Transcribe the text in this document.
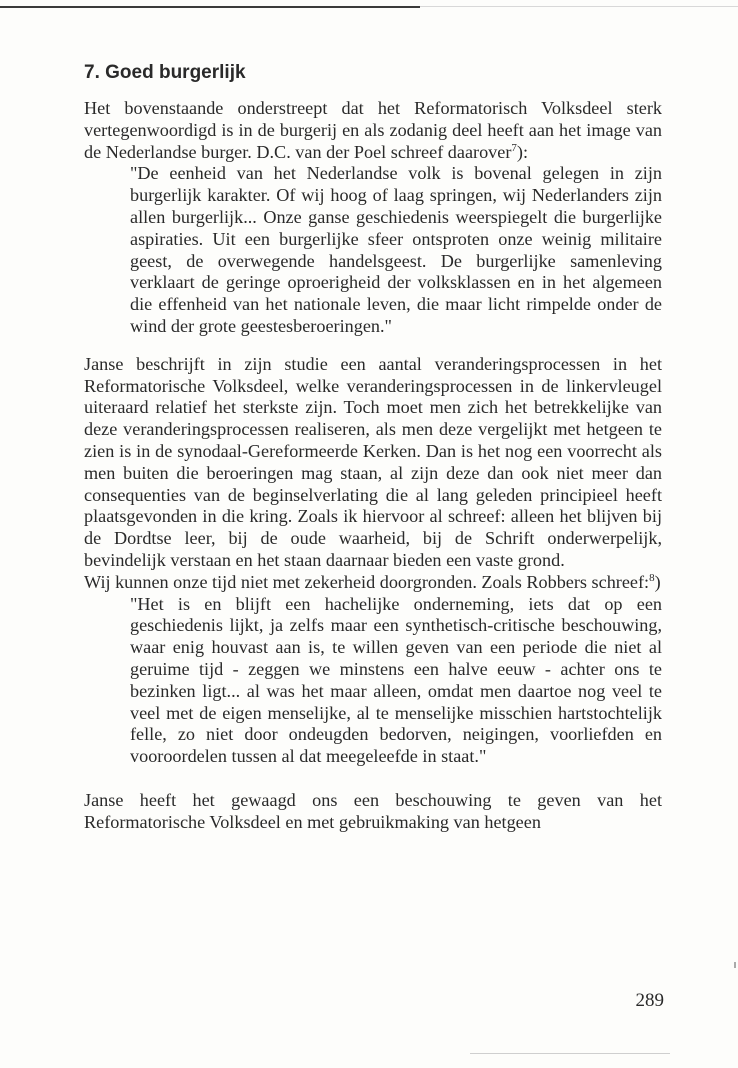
7. Goed burgerlijk

Het bovenstaande onderstreept dat het Reformatorisch Volksdeel sterk vertegenwoordigd is in de burgerij en als zodanig deel heeft aan het image van de Nederlandse burger. D.C. van der Poel schreef daarover$^7$):

"De eenheid van het Nederlandse volk is bovenal gelegen in zijn burgerlijk karakter. Of wij hoog of laag springen, wij Nederlanders zijn allen burgerlijk... Onze ganse geschiedenis weerspiegelt die burgerlijke aspiraties. Uit een burgerlijke sfeer ontsproten onze weinig militaire geest, de overwegende handelsgeest. De burgerlijke samenleving verklaart de geringe oproerigheid der volksklassen en in het algemeen die effenheid van het nationale leven, die maar licht rimpelde onder de wind der grote geestesberoeringen."

Janse beschrijft in zijn studie een aantal veranderingsprocessen in het Reformatorische Volksdeel, welke veranderingsprocessen in de linkervleugel uiteraard relatief het sterkste zijn. Toch moet men zich het betrekkelijke van deze veranderingsprocessen realiseren, als men deze vergelijkt met hetgeen te zien is in de synodaal-Gereformeerde Kerken. Dan is het nog een voorrecht als men buiten die beroeringen mag staan, al zijn deze dan ook niet meer dan consequenties van de beginselverlating die al lang geleden principieel heeft plaatsgevonden in die kring. Zoals ik hiervoor al schreef: alleen het blijven bij de Dordtse leer, bij de oude waarheid, bij de Schrift onderwerpelijk, bevindelijk verstaan en het staan daarnaar bieden een vaste grond.

Wij kunnen onze tijd niet met zekerheid doorgronden. Zoals Robbers schreef:$^8$)

"Het is en blijft een hachelijke onderneming, iets dat op een geschiedenis lijkt, ja zelfs maar een synthetisch-critische beschouwing, waar enig houvast aan is, te willen geven van een periode die niet al geruime tijd - zeggen we minstens een halve eeuw - achter ons te bezinken ligt... al was het maar alleen, omdat men daartoe nog veel te veel met de eigen menselijke, al te menselijke misschien hartstochtelijk felle, zo niet door ondeugden bedorven, neigingen, voorliefden en vooroordelen tussen al dat meegeleefde in staat."

Janse heeft het gewaagd ons een beschouwing te geven van het Reformatorische Volksdeel en met gebruikmaking van hetgeen

289
